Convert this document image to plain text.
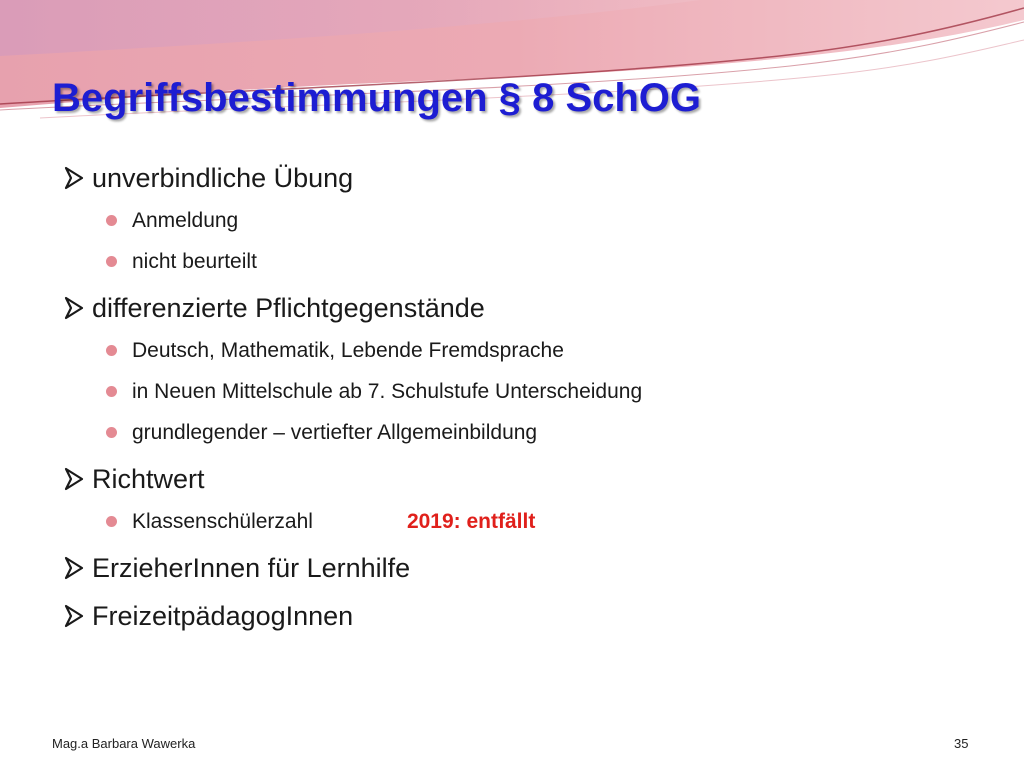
Begriffsbestimmungen § 8 SchOG
unverbindliche Übung
Anmeldung
nicht beurteilt
differenzierte Pflichtgegenstände
Deutsch, Mathematik, Lebende Fremdsprache
in Neuen Mittelschule ab 7. Schulstufe Unterscheidung
grundlegender – vertiefter Allgemeinbildung
Richtwert
Klassenschülerzahl	2019: entfällt
ErzieherInnen für Lernhilfe
FreizeitpädagogInnen
Mag.a Barbara Wawerka	35
